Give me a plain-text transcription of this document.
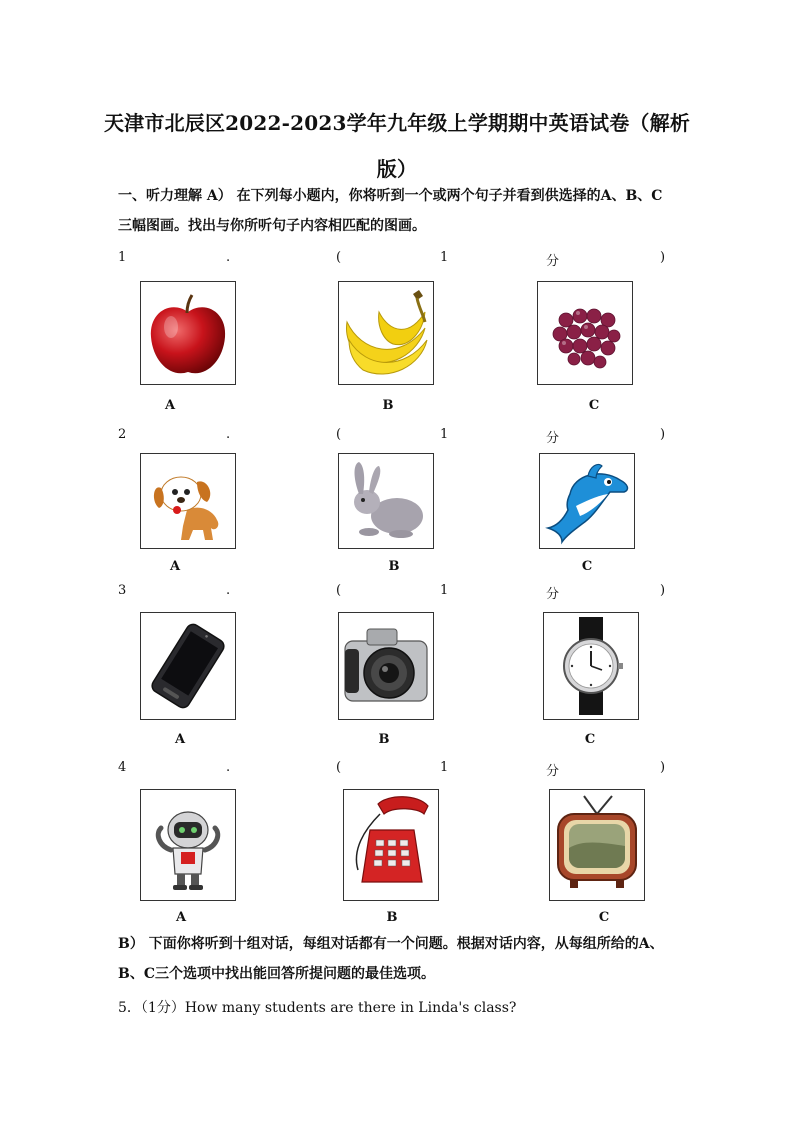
天津市北辰区2022-2023学年九年级上学期期中英语试卷（解析
版）
一、听力理解 A） 在下列每小题内，你将听到一个或两个句子并看到供选择的A、B、C
三幅图画。找出与你所听句子内容相匹配的图画。
1	.	(	1	分	)
A	B	C
2	.	(	1	分	)
A	B	C
3	.	(	1	分	)
A	B	C
4	.	(	1	分	)
A	B	C
B） 下面你将听到十组对话，每组对话都有一个问题。根据对话内容，从每组所给的A、
B、C三个选项中找出能回答所提问题的最佳选项。
5．（1分）How many students are there in Linda's class?
